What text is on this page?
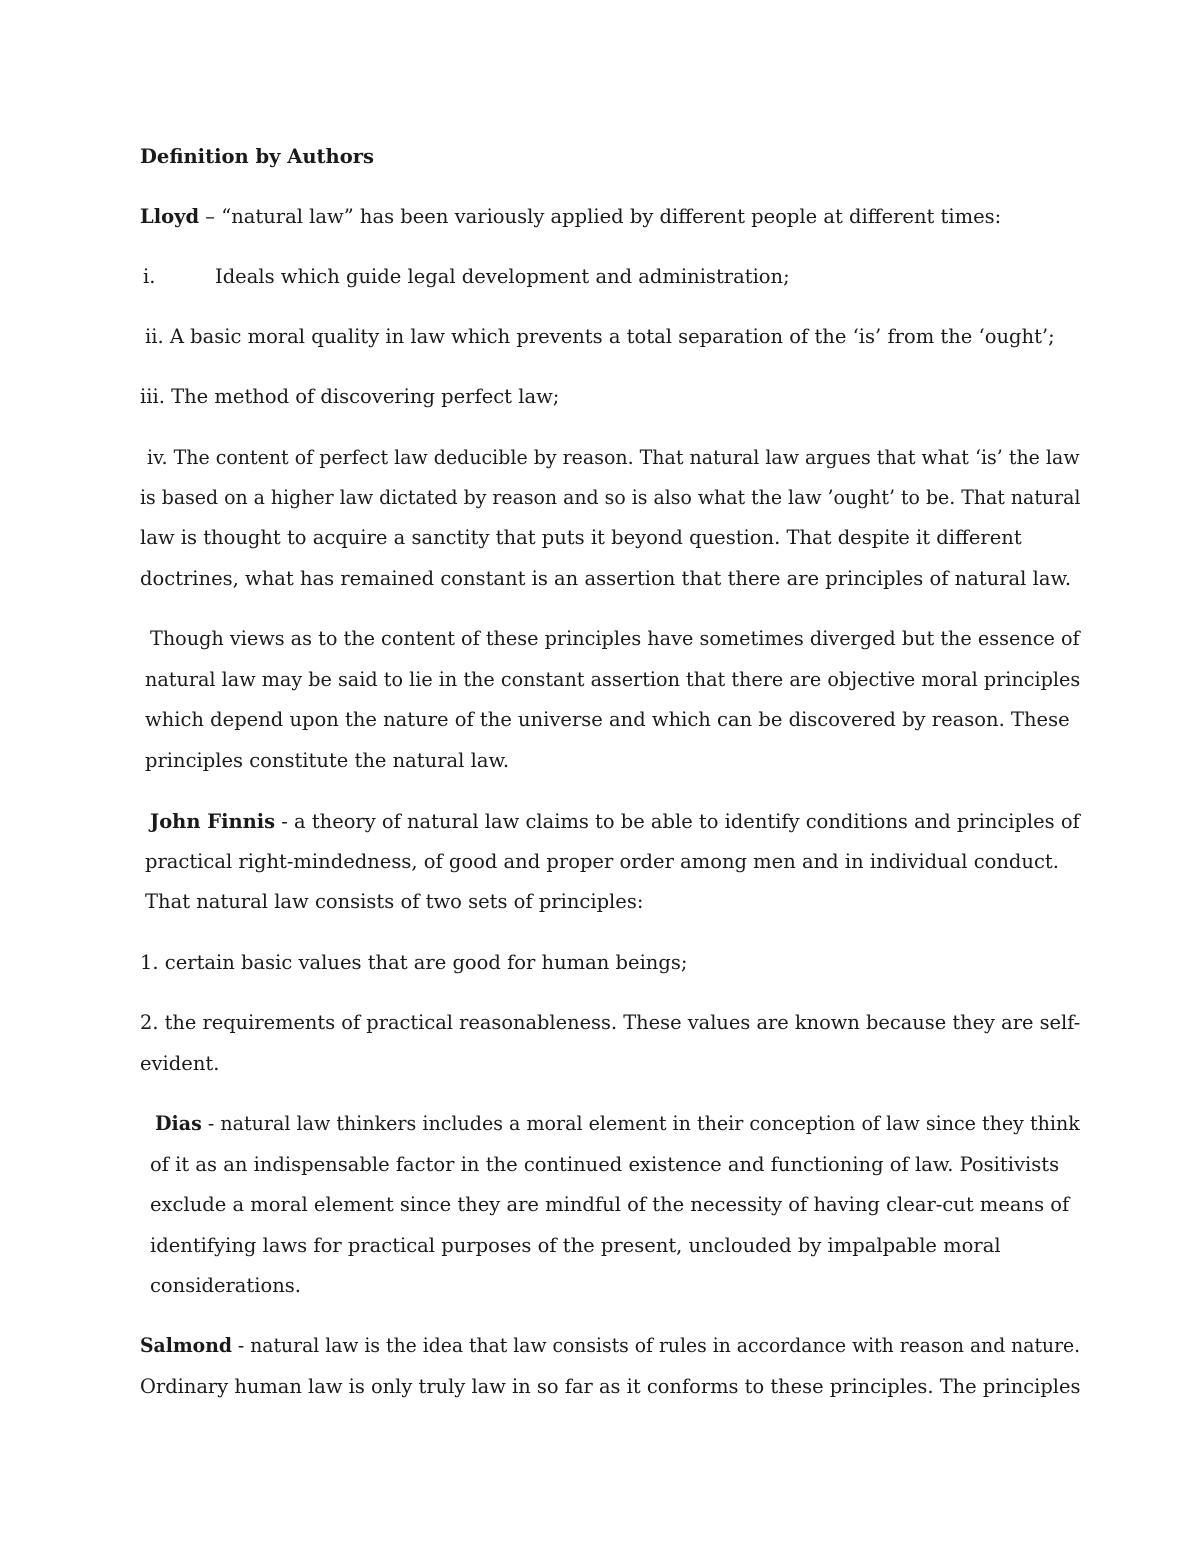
Definition by Authors

Lloyd – “natural law” has been variously applied by different people at different times:

i.	Ideals which guide legal development and administration;

ii. A basic moral quality in law which prevents a total separation of the ‘is’ from the ‘ought’;

iii. The method of discovering perfect law;

iv. The content of perfect law deducible by reason. That natural law argues that what ‘is’ the law

is based on a higher law dictated by reason and so is also what the law ’ought’ to be. That natural

law is thought to acquire a sanctity that puts it beyond question. That despite it different

doctrines, what has remained constant is an assertion that there are principles of natural law.

Though views as to the content of these principles have sometimes diverged but the essence of

natural law may be said to lie in the constant assertion that there are objective moral principles

which depend upon the nature of the universe and which can be discovered by reason. These

principles constitute the natural law.

John Finnis - a theory of natural law claims to be able to identify conditions and principles of

practical right-mindedness, of good and proper order among men and in individual conduct.

That natural law consists of two sets of principles:

1. certain basic values that are good for human beings;

2. the requirements of practical reasonableness. These values are known because they are self-

evident.

Dias - natural law thinkers includes a moral element in their conception of law since they think

of it as an indispensable factor in the continued existence and functioning of law. Positivists

exclude a moral element since they are mindful of the necessity of having clear-cut means of

identifying laws for practical purposes of the present, unclouded by impalpable moral

considerations.

Salmond - natural law is the idea that law consists of rules in accordance with reason and nature.

Ordinary human law is only truly law in so far as it conforms to these principles. The principles
